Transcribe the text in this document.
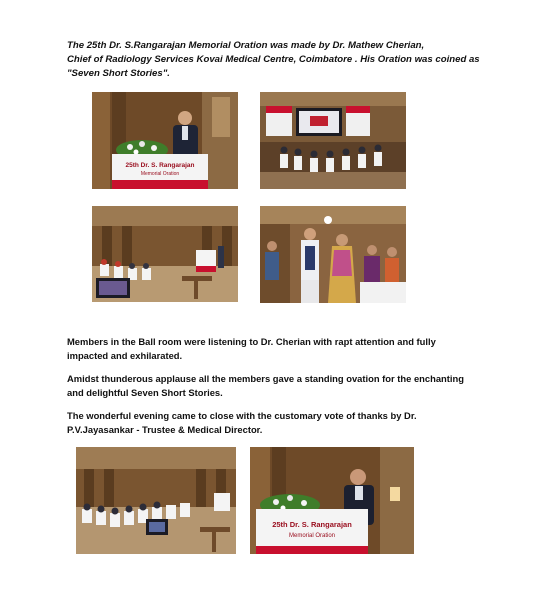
The 25th Dr. S.Rangarajan Memorial Oration was made by Dr. Mathew Cherian,

Chief of Radiology Services Kovai Medical Centre, Coimbatore . His Oration was coined as

"Seven Short Stories".

25th Dr. S. Rangarajan
Memorial Oration

Members in the Ball room were listening to Dr. Cherian with rapt attention and fully
impacted and exhilarated.

Amidst thunderous applause all the members gave a standing ovation for the enchanting
and delightful Seven Short Stories.

The wonderful evening came to close with the customary vote of thanks by Dr.
P.V.Jayasankar - Trustee & Medical Director.

25th Dr. S. Rangarajan
Memorial Oration
